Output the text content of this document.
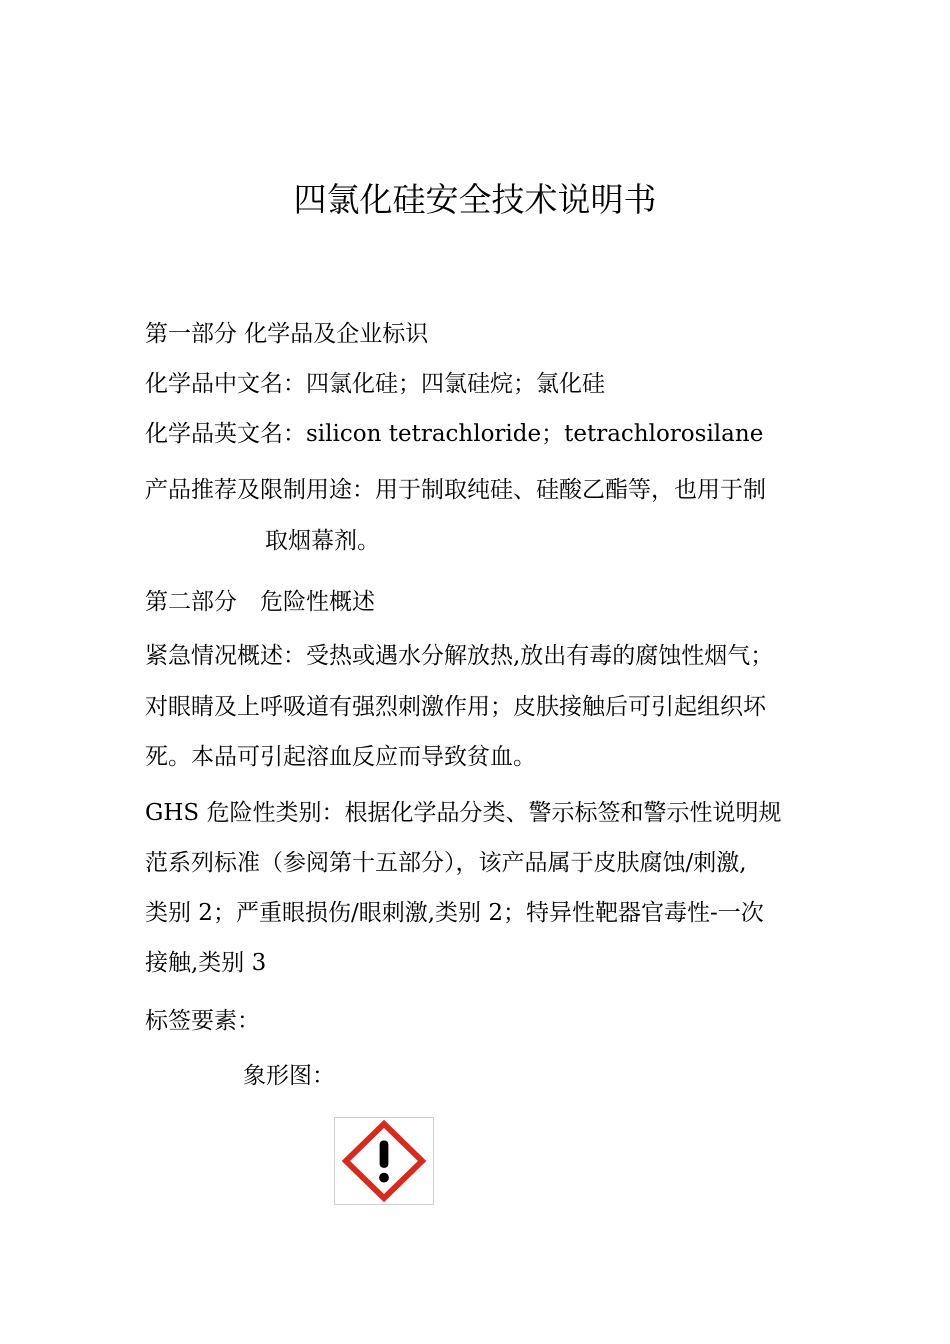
四氯化硅安全技术说明书
第一部分 化学品及企业标识
化学品中文名：四氯化硅；四氯硅烷；氯化硅
化学品英文名：silicon tetrachloride；tetrachlorosilane
产品推荐及限制用途：用于制取纯硅、硅酸乙酯等，也用于制
取烟幕剂。
第二部分　危险性概述
紧急情况概述：受热或遇水分解放热,放出有毒的腐蚀性烟气；
对眼睛及上呼吸道有强烈刺激作用；皮肤接触后可引起组织坏
死。本品可引起溶血反应而导致贫血。
GHS 危险性类别：根据化学品分类、警示标签和警示性说明规
范系列标准（参阅第十五部分），该产品属于皮肤腐蚀/刺激,
类别 2；严重眼损伤/眼刺激,类别 2；特异性靶器官毒性-一次
接触,类别 3
标签要素：
象形图：
